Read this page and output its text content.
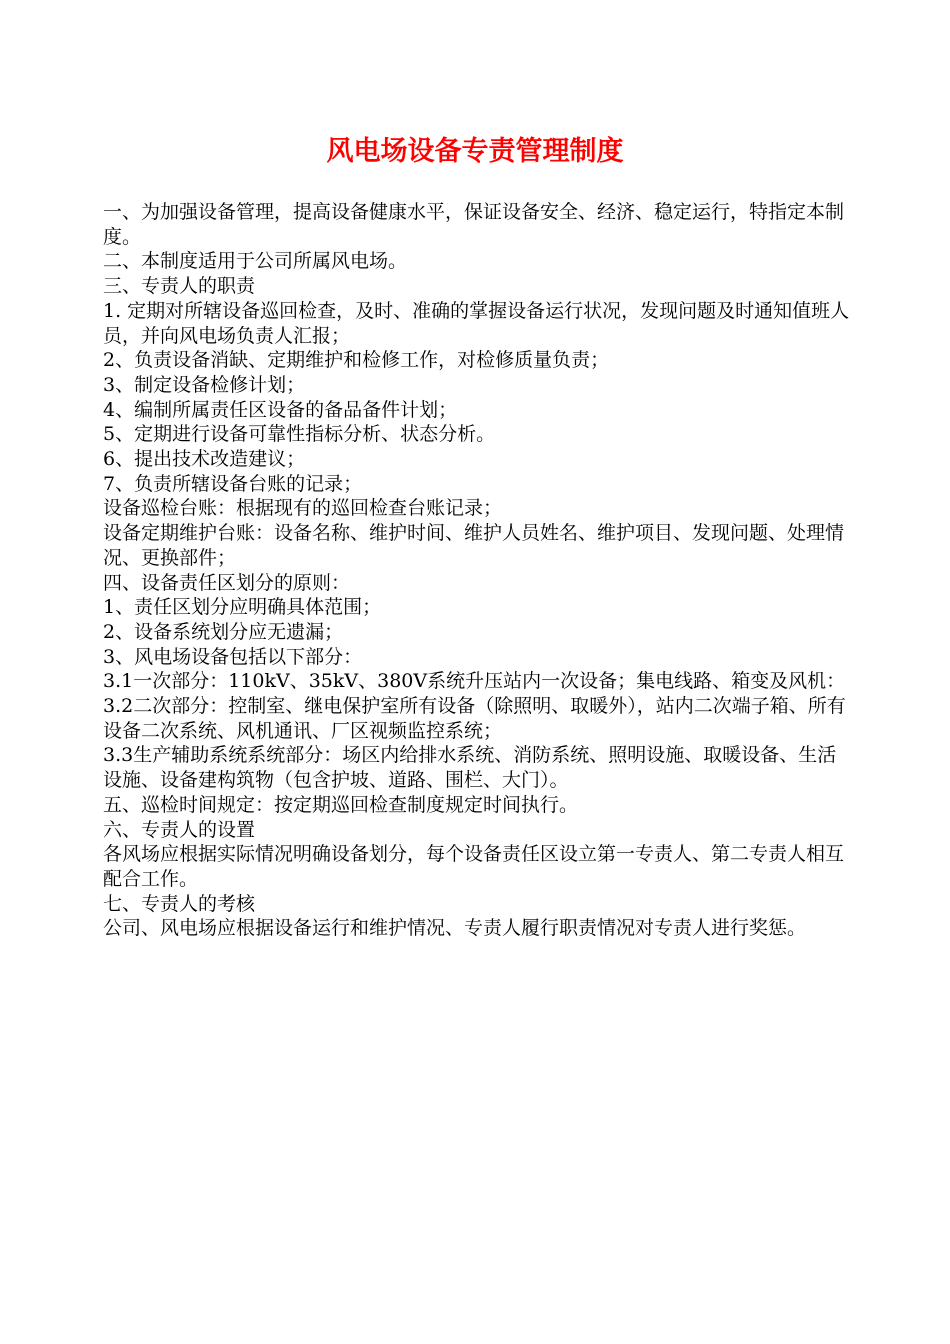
风电场设备专责管理制度

一、为加强设备管理，提高设备健康水平，保证设备安全、经济、稳定运行，特指定本制度。

二、本制度适用于公司所属风电场。

三、专责人的职责

1. 定期对所辖设备巡回检查，及时、准确的掌握设备运行状况，发现问题及时通知值班人员，并向风电场负责人汇报；

2、负责设备消缺、定期维护和检修工作，对检修质量负责；

3、制定设备检修计划；

4、编制所属责任区设备的备品备件计划；

5、定期进行设备可靠性指标分析、状态分析。

6、提出技术改造建议；

7、负责所辖设备台账的记录；

设备巡检台账：根据现有的巡回检查台账记录；

设备定期维护台账：设备名称、维护时间、维护人员姓名、维护项目、发现问题、处理情况、更换部件；

四、设备责任区划分的原则：

1、责任区划分应明确具体范围；

2、设备系统划分应无遗漏；

3、风电场设备包括以下部分：

3.1一次部分：110kV、35kV、380V系统升压站内一次设备；集电线路、箱变及风机：

3.2二次部分：控制室、继电保护室所有设备（除照明、取暖外），站内二次端子箱、所有设备二次系统、风机通讯、厂区视频监控系统；

3.3生产辅助系统系统部分：场区内给排水系统、消防系统、照明设施、取暖设备、生活设施、设备建构筑物（包含护坡、道路、围栏、大门）。

五、巡检时间规定：按定期巡回检查制度规定时间执行。

六、专责人的设置

各风场应根据实际情况明确设备划分，每个设备责任区设立第一专责人、第二专责人相互配合工作。

七、专责人的考核

公司、风电场应根据设备运行和维护情况、专责人履行职责情况对专责人进行奖惩。
